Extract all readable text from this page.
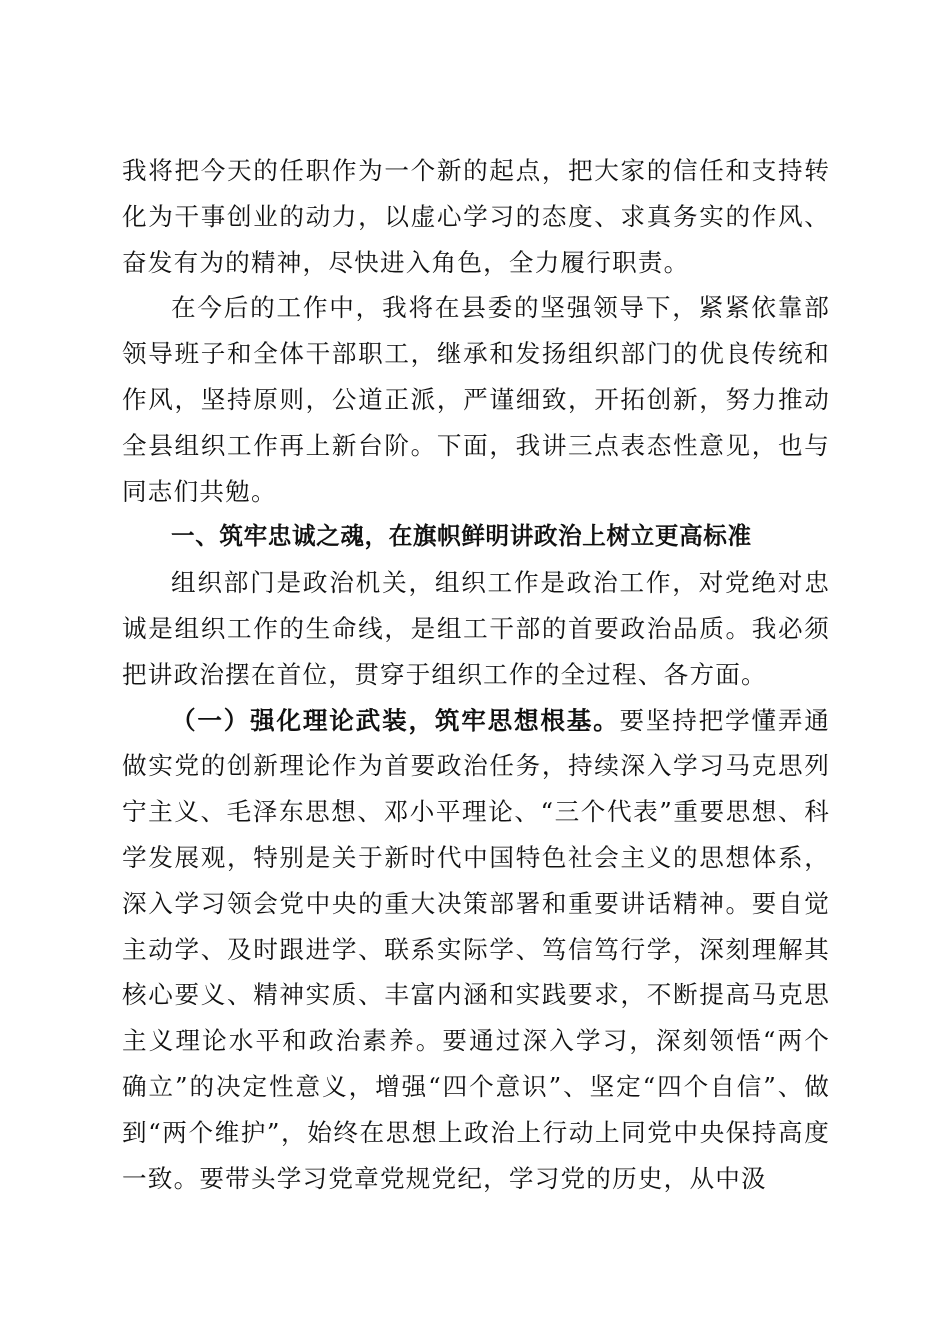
我将把今天的任职作为一个新的起点，把大家的信任和支持转化为干事创业的动力，以虚心学习的态度、求真务实的作风、奋发有为的精神，尽快进入角色，全力履行职责。

在今后的工作中，我将在县委的坚强领导下，紧紧依靠部领导班子和全体干部职工，继承和发扬组织部门的优良传统和作风，坚持原则，公道正派，严谨细致，开拓创新，努力推动全县组织工作再上新台阶。下面，我讲三点表态性意见，也与同志们共勉。

一、筑牢忠诚之魂，在旗帜鲜明讲政治上树立更高标准

组织部门是政治机关，组织工作是政治工作，对党绝对忠诚是组织工作的生命线，是组工干部的首要政治品质。我必须把讲政治摆在首位，贯穿于组织工作的全过程、各方面。

（一）强化理论武装，筑牢思想根基。要坚持把学懂弄通做实党的创新理论作为首要政治任务，持续深入学习马克思列宁主义、毛泽东思想、邓小平理论、“三个代表”重要思想、科学发展观，特别是关于新时代中国特色社会主义的思想体系，深入学习领会党中央的重大决策部署和重要讲话精神。要自觉主动学、及时跟进学、联系实际学、笃信笃行学，深刻理解其核心要义、精神实质、丰富内涵和实践要求，不断提高马克思主义理论水平和政治素养。要通过深入学习，深刻领悟“两个确立”的决定性意义，增强“四个意识”、坚定“四个自信”、做到“两个维护”，始终在思想上政治上行动上同党中央保持高度一致。要带头学习党章党规党纪，学习党的历史，从中汲
